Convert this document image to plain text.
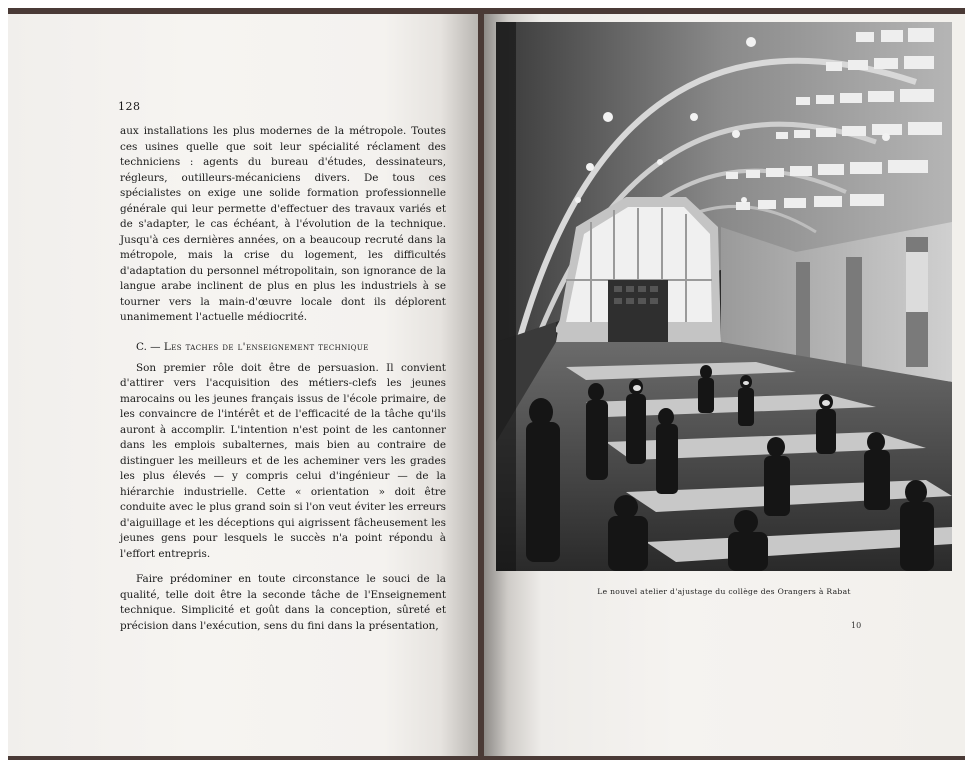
128

aux installations les plus modernes de la métropole. Toutes ces usines quelle que soit leur spécialité réclament des techniciens : agents du bureau d'études, dessinateurs, régleurs, outilleurs-mécaniciens divers. De tous ces spécialistes on exige une solide formation professionnelle générale qui leur permette d'effectuer des travaux variés et de s'adapter, le cas échéant, à l'évolution de la technique. Jusqu'à ces dernières années, on a beaucoup recruté dans la métropole, mais la crise du logement, les difficultés d'adaptation du personnel métropolitain, son ignorance de la langue arabe inclinent de plus en plus les industriels à se tourner vers la main-d'œuvre locale dont ils déplorent unanimement l'actuelle médiocrité.

C. — Les taches de l'enseignement technique

Son premier rôle doit être de persuasion. Il convient d'attirer vers l'acquisition des métiers-clefs les jeunes marocains ou les jeunes français issus de l'école primaire, de les convaincre de l'intérêt et de l'efficacité de la tâche qu'ils auront à accomplir. L'intention n'est point de les cantonner dans les emplois subalternes, mais bien au contraire de distinguer les meilleurs et de les acheminer vers les grades les plus élevés — y compris celui d'ingénieur — de la hiérarchie industrielle. Cette « orientation » doit être conduite avec le plus grand soin si l'on veut éviter les erreurs d'aiguillage et les déceptions qui aigrissent fâcheusement les jeunes gens pour lesquels le succès n'a point répondu à l'effort entrepris.

Faire prédominer en toute circonstance le souci de la qualité, telle doit être la seconde tâche de l'Enseignement technique. Simplicité et goût dans la conception, sûreté et précision dans l'exécution, sens du fini dans la présentation,

Le nouvel atelier d'ajustage du collège des Orangers à Rabat
10
